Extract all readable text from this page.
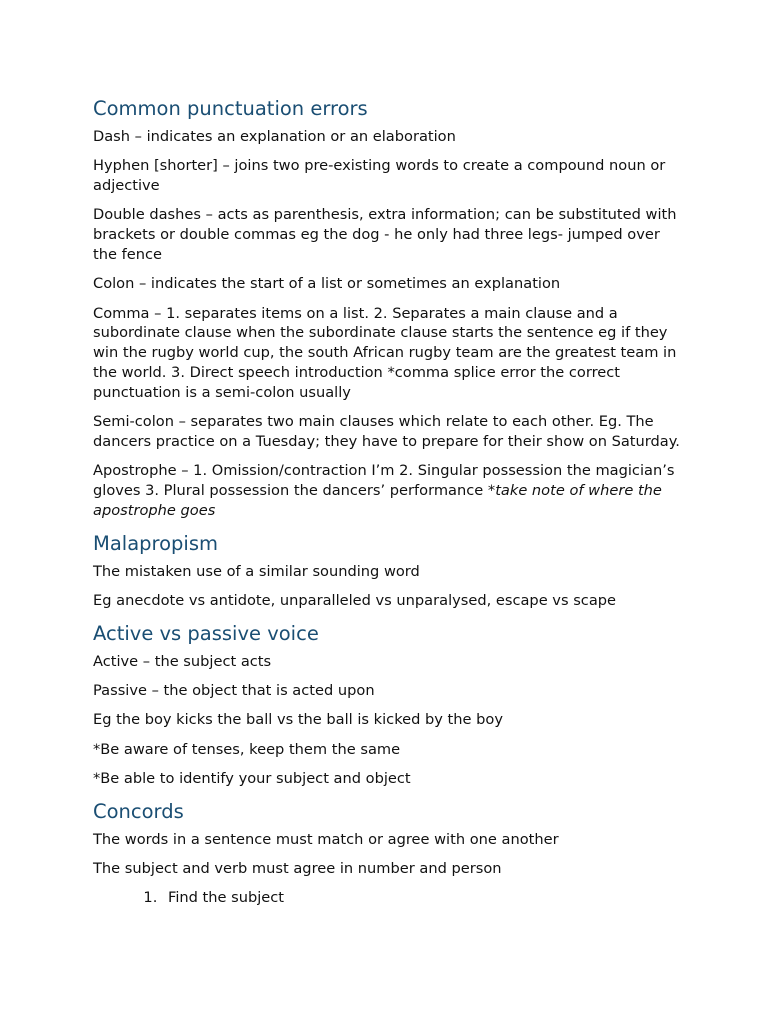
Common punctuation errors

Dash – indicates an explanation or an elaboration

Hyphen [shorter] – joins two pre-existing words to create a compound noun or adjective

Double dashes – acts as parenthesis, extra information; can be substituted with brackets or double commas eg the dog - he only had three legs- jumped over the fence

Colon – indicates the start of a list or sometimes an explanation

Comma – 1. separates items on a list. 2. Separates a main clause and a subordinate clause when the subordinate clause starts the sentence eg if they win the rugby world cup, the south African rugby team are the greatest team in the world. 3. Direct speech introduction *comma splice error the correct punctuation is a semi-colon usually

Semi-colon – separates two main clauses which relate to each other. Eg. The dancers practice on a Tuesday; they have to prepare for their show on Saturday.

Apostrophe – 1. Omission/contraction I’m 2. Singular possession the magician’s gloves 3. Plural possession the dancers’ performance *take note of where the apostrophe goes

Malapropism

The mistaken use of a similar sounding word

Eg anecdote vs antidote, unparalleled vs unparalysed, escape vs scape

Active vs passive voice

Active – the subject acts

Passive – the object that is acted upon

Eg the boy kicks the ball vs the ball is kicked by the boy

*Be aware of tenses, keep them the same

*Be able to identify your subject and object

Concords

The words in a sentence must match or agree with one another

The subject and verb must agree in number and person

1. Find the subject
